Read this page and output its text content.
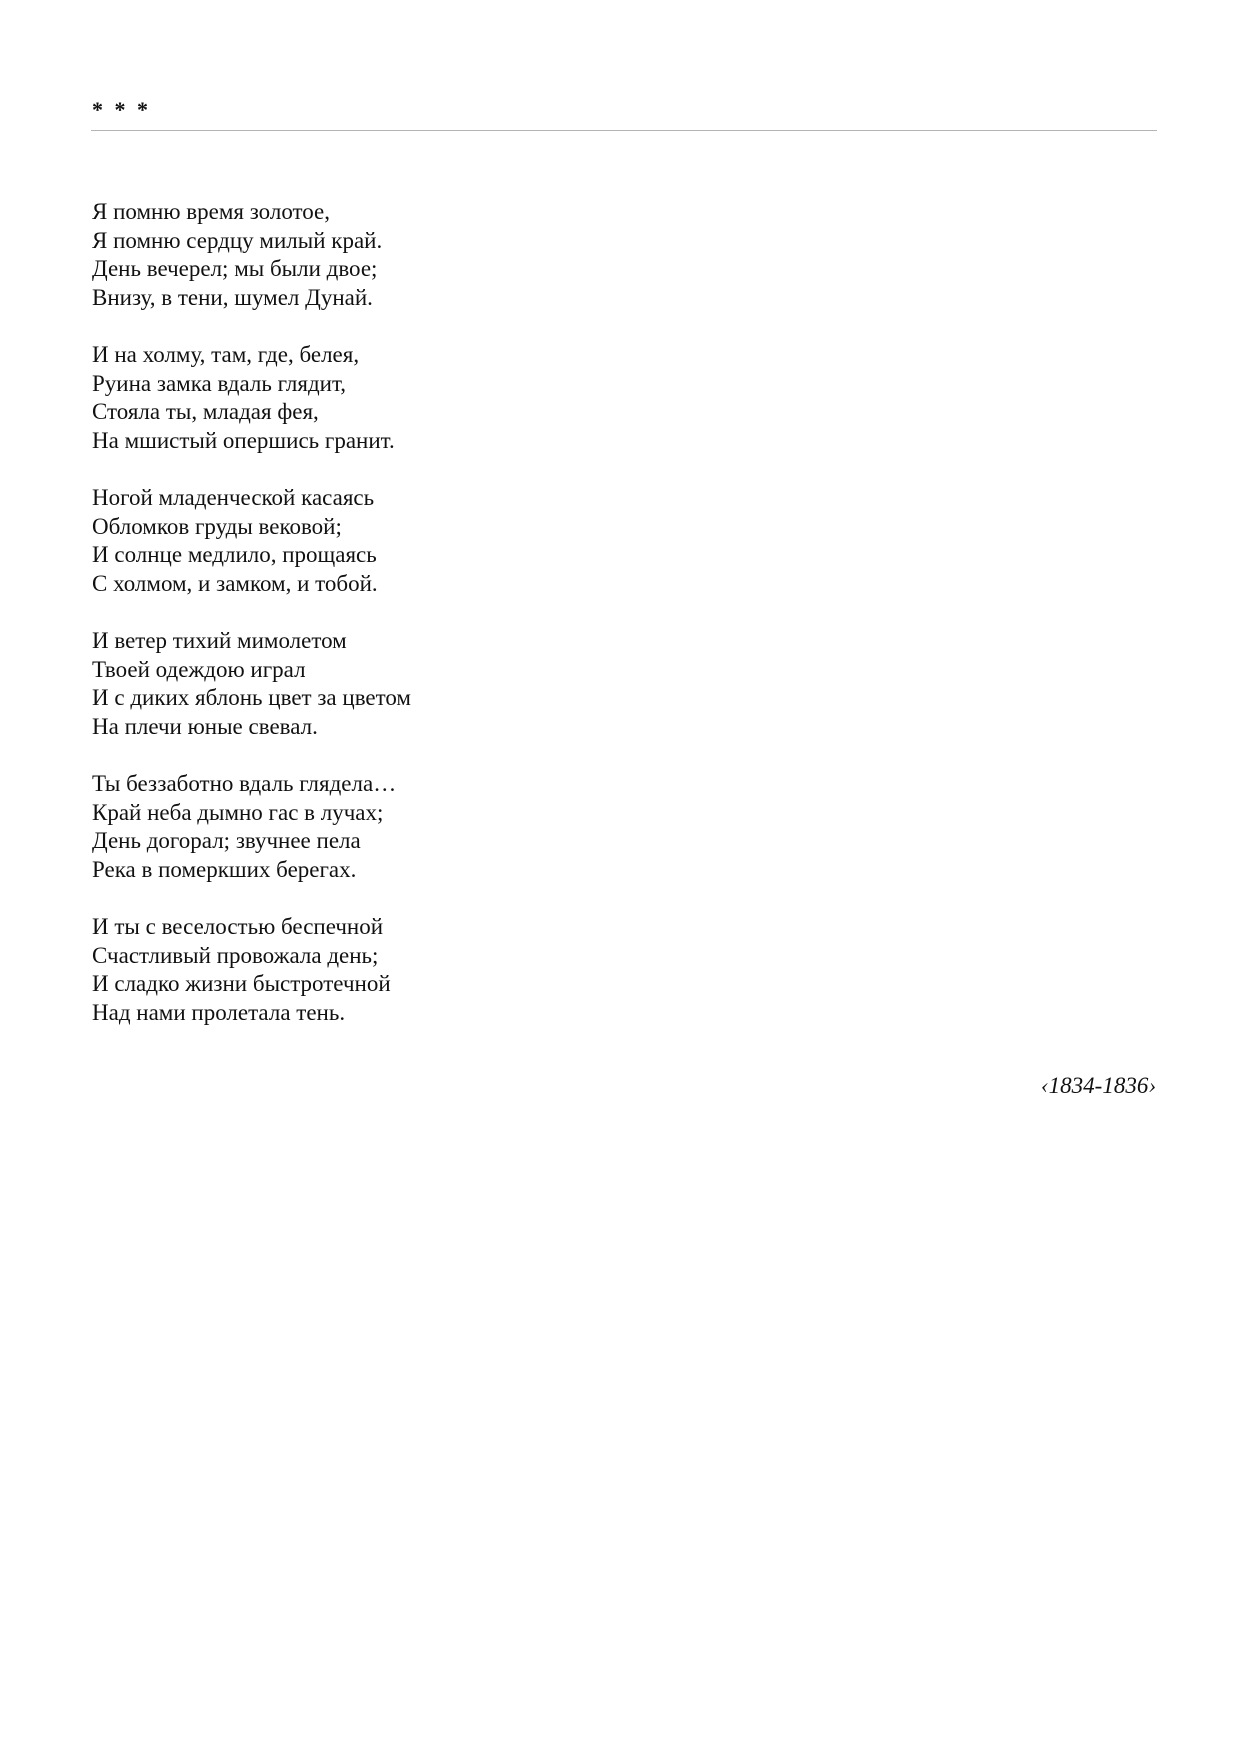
* * *
Я помню время золотое,
Я помню сердцу милый край.
День вечерел; мы были двое;
Внизу, в тени, шумел Дунай.
И на холму, там, где, белея,
Руина замка вдаль глядит,
Стояла ты, младая фея,
На мшистый опершись гранит.
Ногой младенческой касаясь
Обломков груды вековой;
И солнце медлило, прощаясь
С холмом, и замком, и тобой.
И ветер тихий мимолетом
Твоей одеждою играл
И с диких яблонь цвет за цветом
На плечи юные свевал.
Ты беззаботно вдаль глядела…
Край неба дымно гас в лучах;
День догорал; звучнее пела
Река в померкших берегах.
И ты с веселостью беспечной
Счастливый провожала день;
И сладко жизни быстротечной
Над нами пролетала тень.
‹1834-1836›
